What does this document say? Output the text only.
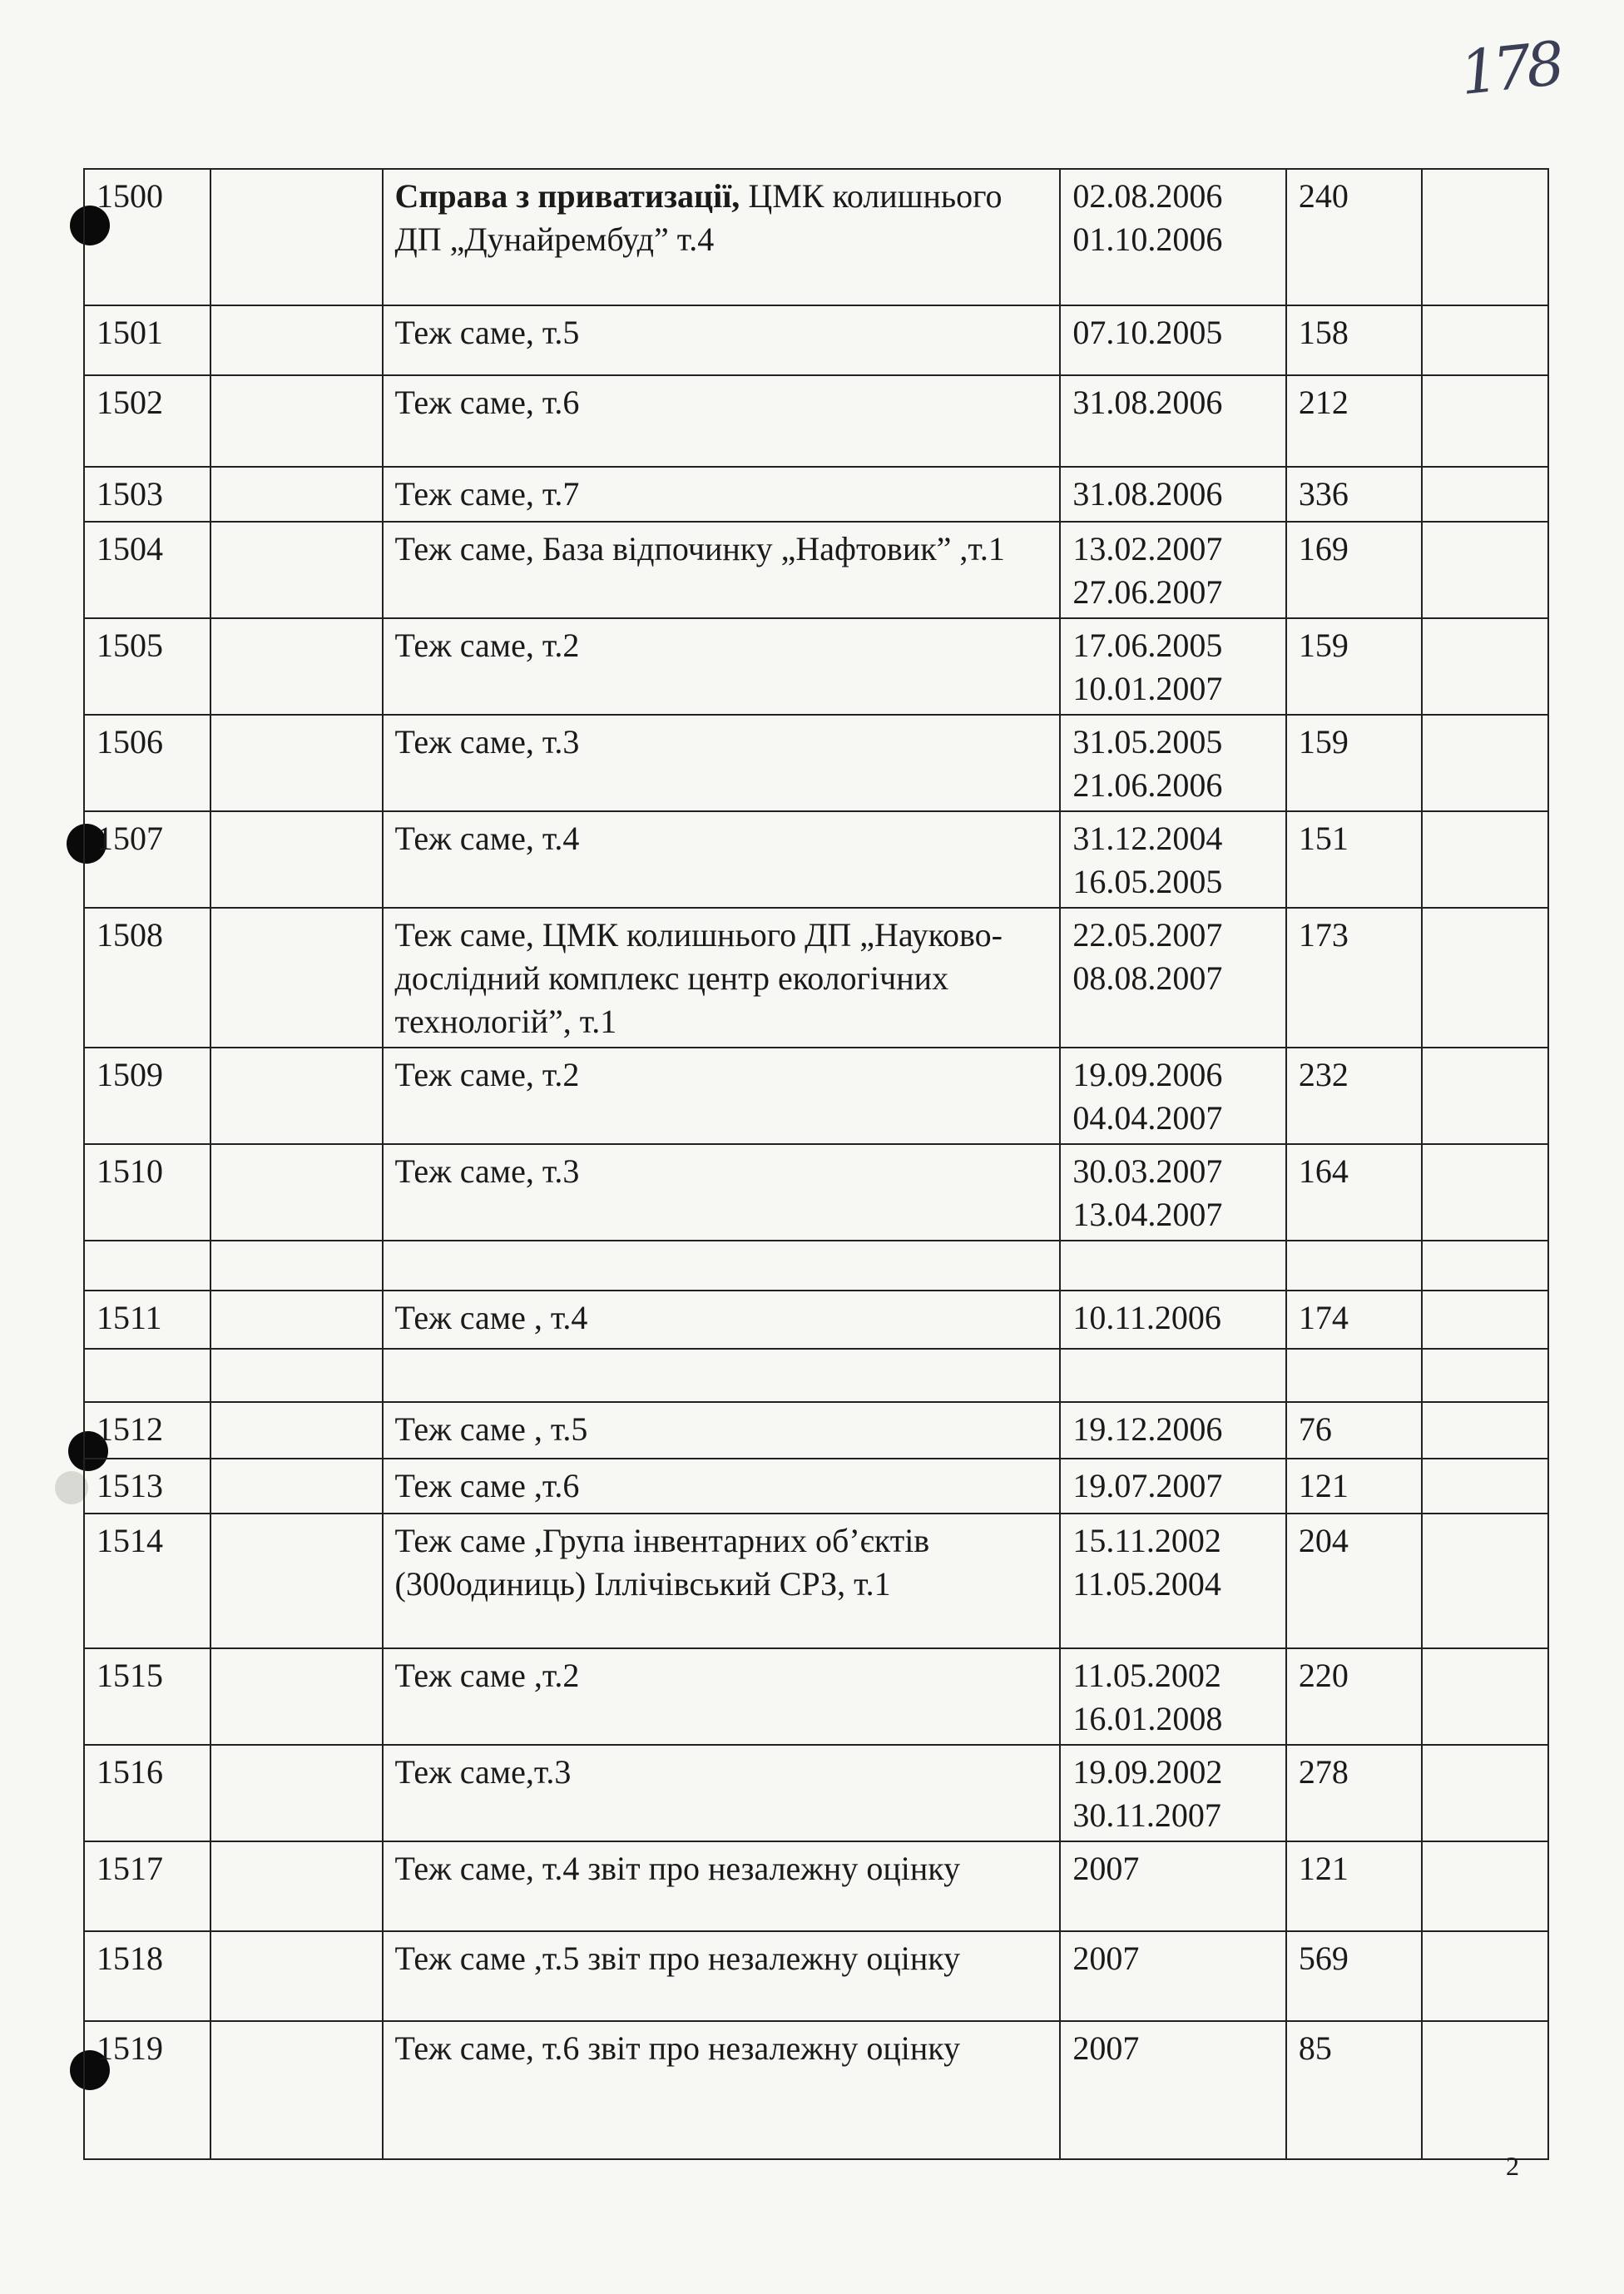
178
1500		Справа з приватизації, ЦМК колишнього ДП „Дунайрембуд” т.4	02.08.2006
01.10.2006	240	
1501		Теж саме, т.5	07.10.2005	158	
1502		Теж саме, т.6	31.08.2006	212	
1503		Теж саме, т.7	31.08.2006	336	
1504		Теж саме, База відпочинку „Нафтовик” ,т.1	13.02.2007
27.06.2007	169	
1505		Теж саме, т.2	17.06.2005
10.01.2007	159	
1506		Теж саме, т.3	31.05.2005
21.06.2006	159	
1507		Теж саме, т.4	31.12.2004
16.05.2005	151	
1508		Теж саме, ЦМК колишнього ДП „Науково-дослідний комплекс центр екологічних технологій”, т.1	22.05.2007
08.08.2007	173	
1509		Теж саме, т.2	19.09.2006
04.04.2007	232	
1510		Теж саме, т.3	30.03.2007
13.04.2007	164	

1511		Теж саме , т.4	10.11.2006	174	

1512		Теж саме , т.5	19.12.2006	76	
1513		Теж саме ,т.6	19.07.2007	121	
1514		Теж саме ,Група інвентарних об’єктів (300одиниць) Іллічівський СРЗ, т.1	15.11.2002
11.05.2004	204	
1515		Теж саме ,т.2	11.05.2002
16.01.2008	220	
1516		Теж саме,т.3	19.09.2002
30.11.2007	278	
1517		Теж саме, т.4 звіт про незалежну оцінку	2007	121	
1518		Теж саме ,т.5 звіт про незалежну оцінку	2007	569	
1519		Теж саме, т.6 звіт про незалежну оцінку	2007	85	
2
